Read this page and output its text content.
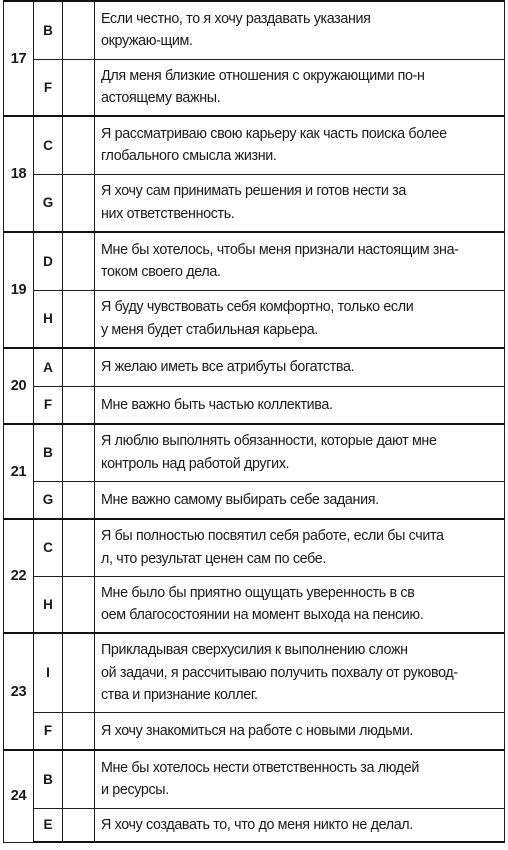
17	B		Если честно, то я хочу раздавать указания
окружаю-щим.

	F		Для меня близкие отношения с окружающими по-н
астоящему важны.

18	C		Я рассматриваю свою карьеру как часть поиска более
глобального смысла жизни.

	G		Я хочу сам принимать решения и готов нести за
них ответственность.

19	D		Мне бы хотелось, чтобы меня признали настоящим зна-
током своего дела.

	H		Я буду чувствовать себя комфортно, только если
у меня будет стабильная карьера.

20	A		Я желаю иметь все атрибуты богатства.

	F		Мне важно быть частью коллектива.

21	B		Я люблю выполнять обязанности, которые дают мне
контроль над работой других.

	G		Мне важно самому выбирать себе задания.

22	C		Я бы полностью посвятил себя работе, если бы счита
л, что результат ценен сам по себе.

	H		Мне было бы приятно ощущать уверенность в св
оем благосостоянии на момент выхода на пенсию.

23	I		Прикладывая сверхусилия к выполнению сложн
ой задачи, я рассчитываю получить похвалу от руковод-
ства и признание коллег.

	F		Я хочу знакомиться на работе с новыми людьми.

24	B		Мне бы хотелось нести ответственность за людей
и ресурсы.

	E		Я хочу создавать то, что до меня никто не делал.
